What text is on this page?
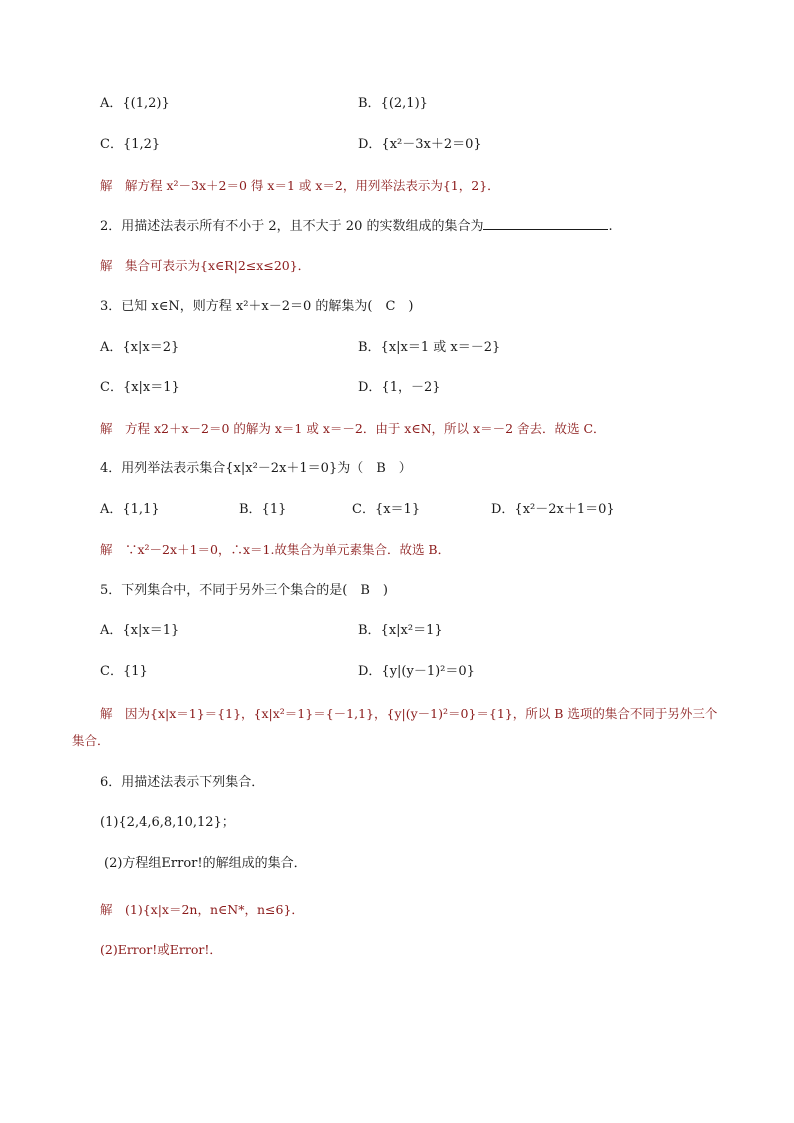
A．{(1,2)}	B．{(2,1)}
C．{1,2}	D．{x²－3x＋2＝0}
解　解方程 x²－3x＋2＝0 得 x＝1 或 x＝2，用列举法表示为{1，2}．
2．用描述法表示所有不小于 2，且不大于 20 的实数组成的集合为	.
解　集合可表示为{x∈R|2≤x≤20}．
3．已知 x∈N，则方程 x²＋x－2＝0 的解集为(　C　)
A．{x|x＝2}	B．{x|x＝1 或 x＝－2}
C．{x|x＝1}	D．{1，－2}
解　方程 x2＋x－2＝0 的解为 x＝1 或 x＝－2．由于 x∈N，所以 x＝－2 舍去．故选 C．
4．用列举法表示集合{x|x²－2x＋1＝0}为（　B　）
A．{1,1}	B．{1}	C．{x＝1}	D．{x²－2x＋1＝0}
解　∵x²－2x＋1＝0，∴x＝1.故集合为单元素集合．故选 B．
5．下列集合中，不同于另外三个集合的是(　B　)
A．{x|x＝1}	B．{x|x²＝1}
C．{1}	D．{y|(y－1)²＝0}
解　因为{x|x＝1}＝{1}，{x|x²＝1}＝{－1,1}，{y|(y－1)²＝0}＝{1}，所以 B 选项的集合不同于另外三个
集合．
6．用描述法表示下列集合．
(1){2,4,6,8,10,12}；
(2)方程组Error!的解组成的集合．
解　(1){x|x＝2n，n∈N*，n≤6}．
(2)Error!或Error!．
